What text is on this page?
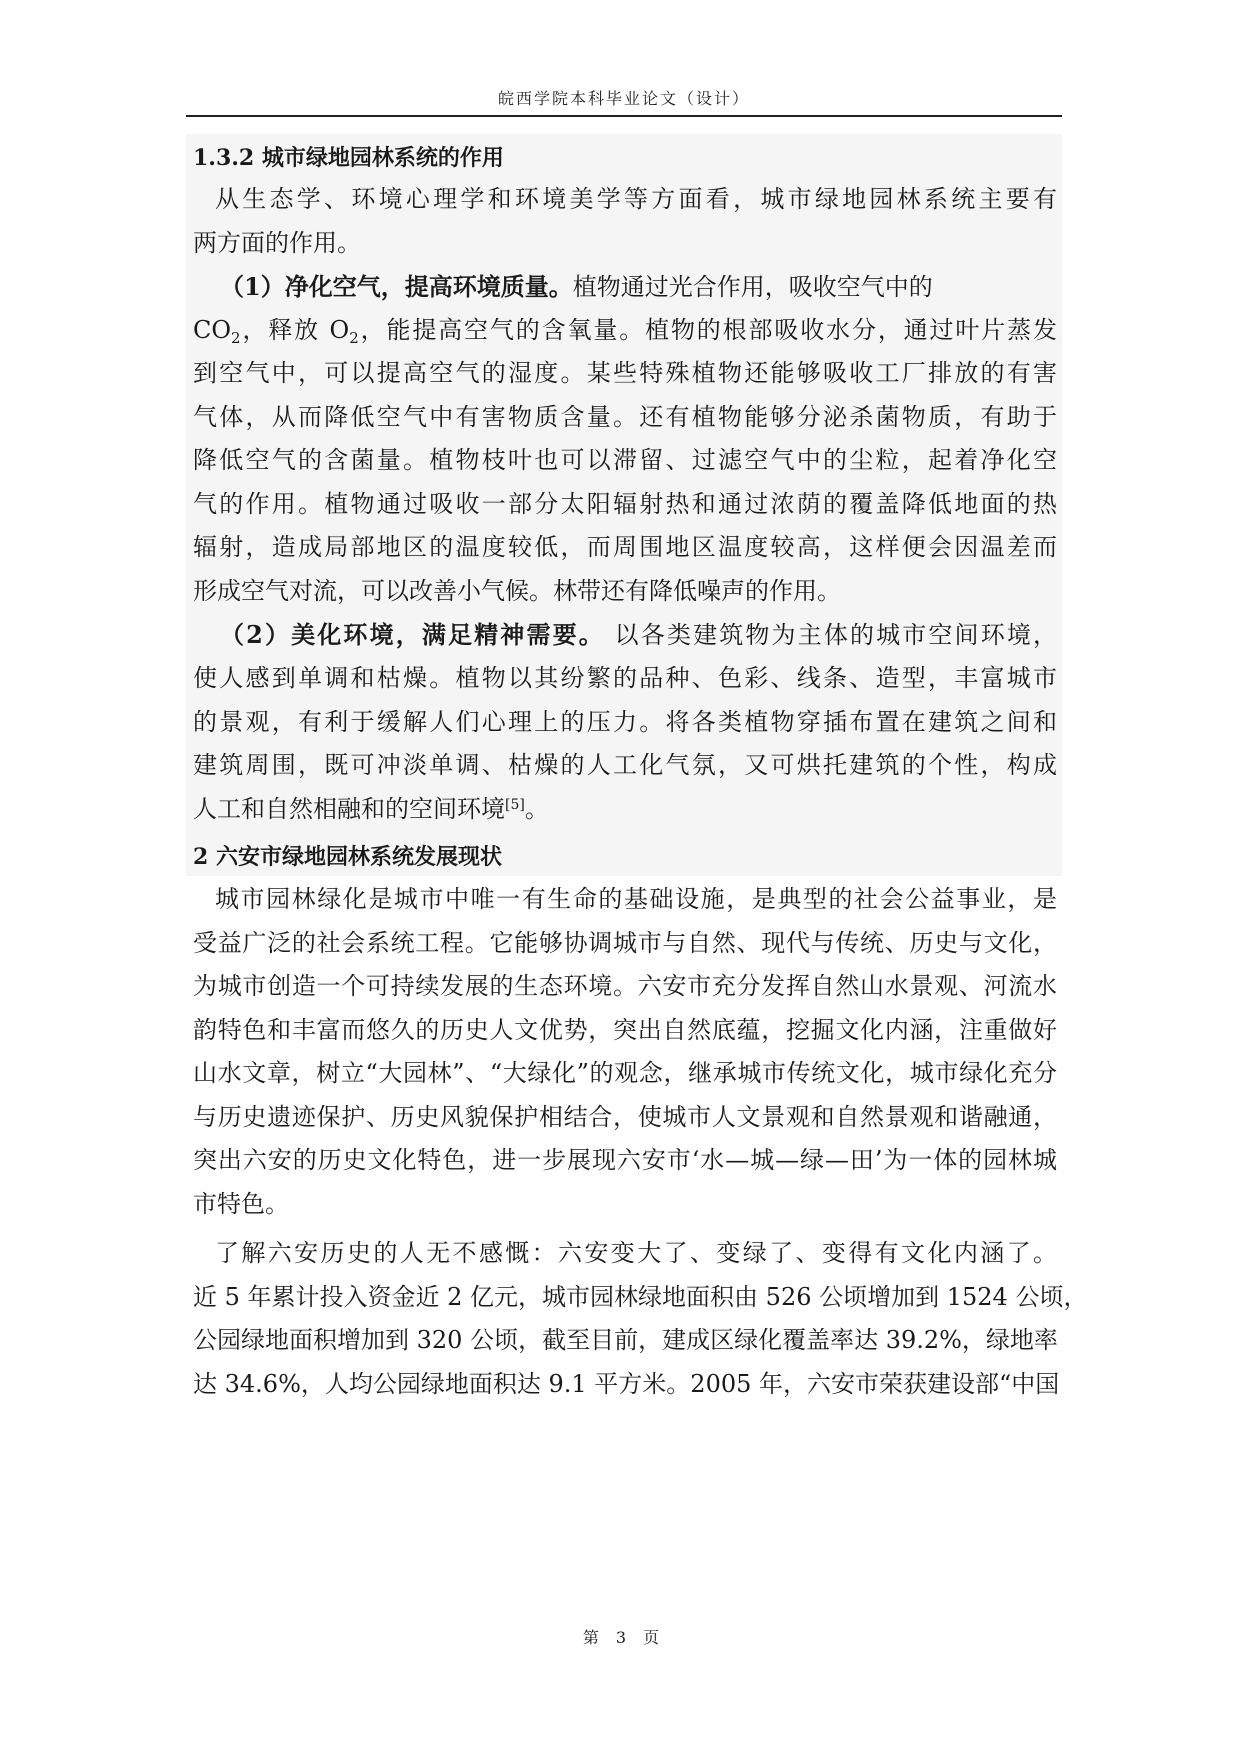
皖西学院本科毕业论文（设计）
1.3.2 城市绿地园林系统的作用
从生态学、环境心理学和环境美学等方面看，城市绿地园林系统主要有
两方面的作用。
（1）净化空气，提高环境质量。植物通过光合作用，吸收空气中的
$CO_2$，释放 $O_2$，能提高空气的含氧量。植物的根部吸收水分，通过叶片蒸发
到空气中，可以提高空气的湿度。某些特殊植物还能够吸收工厂排放的有害
气体，从而降低空气中有害物质含量。还有植物能够分泌杀菌物质，有助于
降低空气的含菌量。植物枝叶也可以滞留、过滤空气中的尘粒，起着净化空
气的作用。植物通过吸收一部分太阳辐射热和通过浓荫的覆盖降低地面的热
辐射，造成局部地区的温度较低，而周围地区温度较高，这样便会因温差而
形成空气对流，可以改善小气候。林带还有降低噪声的作用。
（2）美化环境，满足精神需要。 以各类建筑物为主体的城市空间环境，
使人感到单调和枯燥。植物以其纷繁的品种、色彩、线条、造型，丰富城市
的景观，有利于缓解人们心理上的压力。将各类植物穿插布置在建筑之间和
建筑周围，既可冲淡单调、枯燥的人工化气氛，又可烘托建筑的个性，构成
人工和自然相融和的空间环境[5]。
2 六安市绿地园林系统发展现状
城市园林绿化是城市中唯一有生命的基础设施，是典型的社会公益事业，是
受益广泛的社会系统工程。它能够协调城市与自然、现代与传统、历史与文化，
为城市创造一个可持续发展的生态环境。六安市充分发挥自然山水景观、河流水
韵特色和丰富而悠久的历史人文优势，突出自然底蕴，挖掘文化内涵，注重做好
山水文章，树立“大园林”、“大绿化”的观念，继承城市传统文化，城市绿化充分
与历史遗迹保护、历史风貌保护相结合，使城市人文景观和自然景观和谐融通，
突出六安的历史文化特色，进一步展现六安市‘水—城—绿—田’为一体的园林城
市特色。
了解六安历史的人无不感慨：六安变大了、变绿了、变得有文化内涵了。
近 5 年累计投入资金近 2 亿元，城市园林绿地面积由 526 公顷增加到 1524 公顷，
公园绿地面积增加到 320 公顷，截至目前，建成区绿化覆盖率达 39.2%，绿地率
达 34.6%，人均公园绿地面积达 9.1 平方米。2005 年，六安市荣获建设部“中国
第 3 页
